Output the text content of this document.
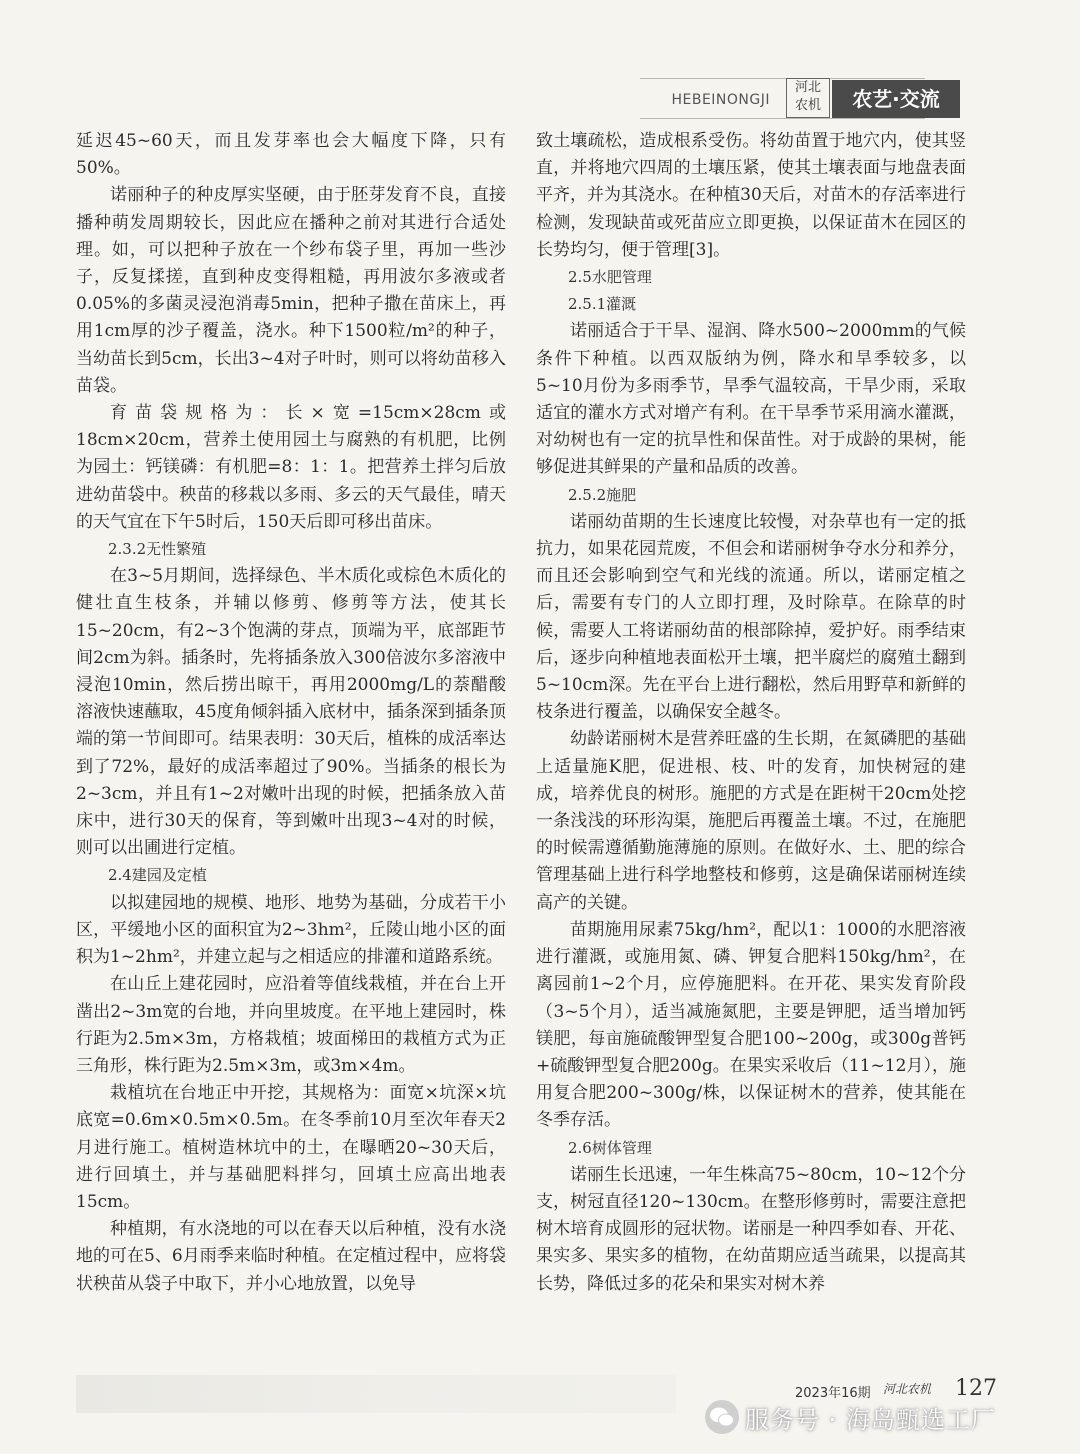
HEBEINONGJI
河北
农机	农艺·交流

延迟45~60天，而且发芽率也会大幅度下降，只有50%。

诺丽种子的种皮厚实坚硬，由于胚芽发育不良，直接播种萌发周期较长，因此应在播种之前对其进行合适处理。如，可以把种子放在一个纱布袋子里，再加一些沙子，反复揉搓，直到种皮变得粗糙，再用波尔多液或者0.05%的多菌灵浸泡消毒5min，把种子撒在苗床上，再用1cm厚的沙子覆盖，浇水。种下1500粒/m²的种子，当幼苗长到5cm，长出3~4对子叶时，则可以将幼苗移入苗袋。

育苗袋规格为：长×宽=15cm×28cm或18cm×20cm，营养土使用园土与腐熟的有机肥，比例为园土：钙镁磷：有机肥=8：1：1。把营养土拌匀后放进幼苗袋中。秧苗的移栽以多雨、多云的天气最佳，晴天的天气宜在下午5时后，150天后即可移出苗床。

2.3.2无性繁殖

在3~5月期间，选择绿色、半木质化或棕色木质化的健壮直生枝条，并辅以修剪、修剪等方法，使其长15~20cm，有2~3个饱满的芽点，顶端为平，底部距节间2cm为斜。插条时，先将插条放入300倍波尔多溶液中浸泡10min，然后捞出晾干，再用2000mg/L的萘醋酸溶液快速蘸取，45度角倾斜插入底材中，插条深到插条顶端的第一节间即可。结果表明：30天后，植株的成活率达到了72%，最好的成活率超过了90%。当插条的根长为2~3cm，并且有1~2对嫩叶出现的时候，把插条放入苗床中，进行30天的保育，等到嫩叶出现3~4对的时候，则可以出圃进行定植。

2.4建园及定植

以拟建园地的规模、地形、地势为基础，分成若干小区，平缓地小区的面积宜为2~3hm²，丘陵山地小区的面积为1~2hm²，并建立起与之相适应的排灌和道路系统。

在山丘上建花园时，应沿着等值线栽植，并在台上开凿出2~3m宽的台地，并向里坡度。在平地上建园时，株行距为2.5m×3m，方格栽植；坡面梯田的栽植方式为正三角形，株行距为2.5m×3m，或3m×4m。

栽植坑在台地正中开挖，其规格为：面宽×坑深×坑底宽=0.6m×0.5m×0.5m。在冬季前10月至次年春天2月进行施工。植树造林坑中的土，在曝晒20~30天后，进行回填土，并与基础肥料拌匀，回填土应高出地表15cm。

种植期，有水浇地的可以在春天以后种植，没有水浇地的可在5、6月雨季来临时种植。在定植过程中，应将袋状秧苗从袋子中取下，并小心地放置，以免导

致土壤疏松，造成根系受伤。将幼苗置于地穴内，使其竖直，并将地穴四周的土壤压紧，使其土壤表面与地盘表面平齐，并为其浇水。在种植30天后，对苗木的存活率进行检测，发现缺苗或死苗应立即更换，以保证苗木在园区的长势均匀，便于管理[3]。

2.5水肥管理

2.5.1灌溉

诺丽适合于干旱、湿润、降水500~2000mm的气候条件下种植。以西双版纳为例，降水和旱季较多，以5~10月份为多雨季节，旱季气温较高，干旱少雨，采取适宜的灌水方式对增产有利。在干旱季节采用滴水灌溉，对幼树也有一定的抗旱性和保苗性。对于成龄的果树，能够促进其鲜果的产量和品质的改善。

2.5.2施肥

诺丽幼苗期的生长速度比较慢，对杂草也有一定的抵抗力，如果花园荒废，不但会和诺丽树争夺水分和养分，而且还会影响到空气和光线的流通。所以，诺丽定植之后，需要有专门的人立即打理，及时除草。在除草的时候，需要人工将诺丽幼苗的根部除掉，爱护好。雨季结束后，逐步向种植地表面松开土壤，把半腐烂的腐殖土翻到5~10cm深。先在平台上进行翻松，然后用野草和新鲜的枝条进行覆盖，以确保安全越冬。

幼龄诺丽树木是营养旺盛的生长期，在氮磷肥的基础上适量施K肥，促进根、枝、叶的发育，加快树冠的建成，培养优良的树形。施肥的方式是在距树干20cm处挖一条浅浅的环形沟渠，施肥后再覆盖土壤。不过，在施肥的时候需遵循勤施薄施的原则。在做好水、土、肥的综合管理基础上进行科学地整枝和修剪，这是确保诺丽树连续高产的关键。

苗期施用尿素75kg/hm²，配以1：1000的水肥溶液进行灌溉，或施用氮、磷、钾复合肥料150kg/hm²，在离园前1~2个月，应停施肥料。在开花、果实发育阶段（3~5个月），适当减施氮肥，主要是钾肥，适当增加钙镁肥，每亩施硫酸钾型复合肥100~200g，或300g普钙+硫酸钾型复合肥200g。在果实采收后（11~12月），施用复合肥200~300g/株，以保证树木的营养，使其能在冬季存活。

2.6树体管理

诺丽生长迅速，一年生株高75~80cm，10~12个分支，树冠直径120~130cm。在整形修剪时，需要注意把树木培育成圆形的冠状物。诺丽是一种四季如春、开花、果实多、果实多的植物，在幼苗期应适当疏果，以提高其长势，降低过多的花朵和果实对树木养

2023年16期 河北农机 127
服务号 · 海岛甄选工厂
